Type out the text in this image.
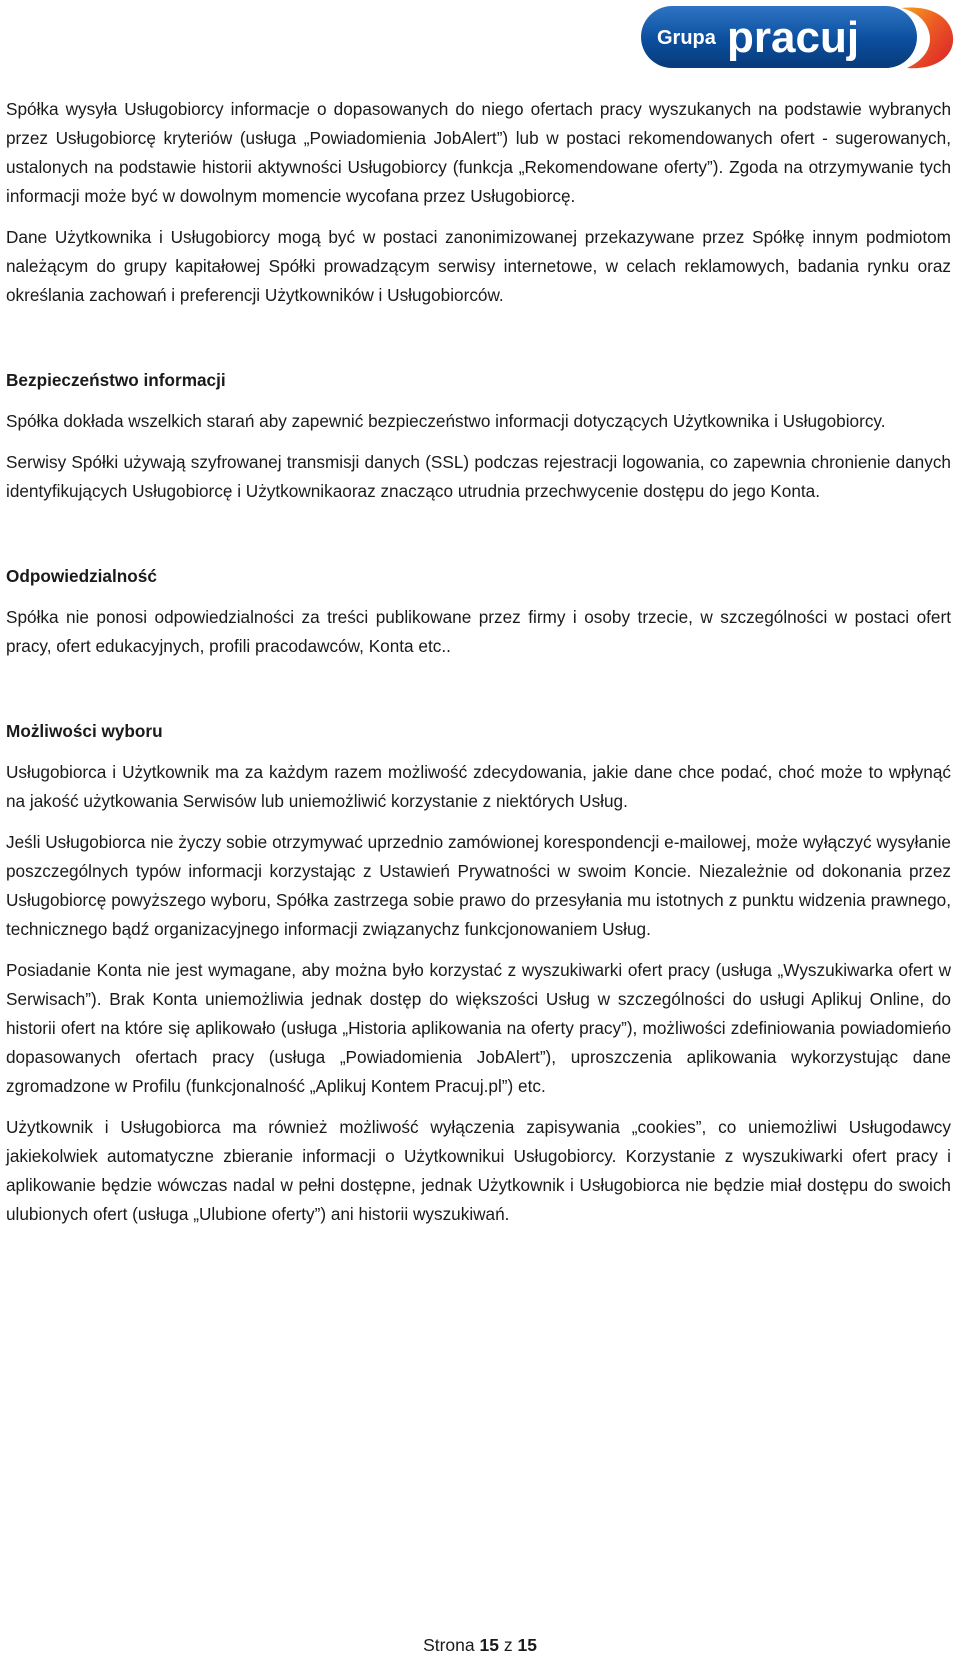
Grupa pracuj

Spółka wysyła Usługobiorcy informacje o dopasowanych do niego ofertach pracy wyszukanych na podstawie wybranych przez Usługobiorcę kryteriów (usługa „Powiadomienia JobAlert”) lub w postaci rekomendowanych ofert - sugerowanych, ustalonych na podstawie historii aktywności Usługobiorcy (funkcja „Rekomendowane oferty”). Zgoda na otrzymywanie tych informacji może być w dowolnym momencie wycofana przez Usługobiorcę.

Dane Użytkownika i Usługobiorcy mogą być w postaci zanonimizowanej przekazywane przez Spółkę innym podmiotom należącym do grupy kapitałowej Spółki prowadzącym serwisy internetowe, w celach reklamowych, badania rynku oraz określania zachowań i preferencji Użytkowników i Usługobiorców.

Bezpieczeństwo informacji

Spółka dokłada wszelkich starań aby zapewnić bezpieczeństwo informacji dotyczących Użytkownika i Usługobiorcy.

Serwisy Spółki używają szyfrowanej transmisji danych (SSL) podczas rejestracji logowania, co zapewnia chronienie danych identyfikujących Usługobiorcę i Użytkownikaoraz znacząco utrudnia przechwycenie dostępu do jego Konta.

Odpowiedzialność

Spółka nie ponosi odpowiedzialności za treści publikowane przez firmy i osoby trzecie, w szczególności w postaci ofert pracy, ofert edukacyjnych, profili pracodawców, Konta etc..

Możliwości wyboru

Usługobiorca i Użytkownik ma za każdym razem możliwość zdecydowania, jakie dane chce podać, choć może to wpłynąć na jakość użytkowania Serwisów lub uniemożliwić korzystanie z niektórych Usług.

Jeśli Usługobiorca nie życzy sobie otrzymywać uprzednio zamówionej korespondencji e-mailowej, może wyłączyć wysyłanie poszczególnych typów informacji korzystając z Ustawień Prywatności w swoim Koncie. Niezależnie od dokonania przez Usługobiorcę powyższego wyboru, Spółka zastrzega sobie prawo do przesyłania mu istotnych z punktu widzenia prawnego, technicznego bądź organizacyjnego informacji związanychz funkcjonowaniem Usług.

Posiadanie Konta nie jest wymagane, aby można było korzystać z wyszukiwarki ofert pracy (usługa „Wyszukiwarka ofert w Serwisach”). Brak Konta uniemożliwia jednak dostęp do większości Usług w szczególności do usługi Aplikuj Online, do historii ofert na które się aplikowało (usługa „Historia aplikowania na oferty pracy”), możliwości zdefiniowania powiadomieńo dopasowanych ofertach pracy (usługa „Powiadomienia JobAlert”), uproszczenia aplikowania wykorzystując dane zgromadzone w Profilu (funkcjonalność „Aplikuj Kontem Pracuj.pl”) etc.

Użytkownik i Usługobiorca ma również możliwość wyłączenia zapisywania „cookies”, co uniemożliwi Usługodawcy jakiekolwiek automatyczne zbieranie informacji o Użytkownikui Usługobiorcy. Korzystanie z wyszukiwarki ofert pracy i aplikowanie będzie wówczas nadal w pełni dostępne, jednak Użytkownik i Usługobiorca nie będzie miał dostępu do swoich ulubionych ofert (usługa „Ulubione oferty”) ani historii wyszukiwań.

Strona 15 z 15
